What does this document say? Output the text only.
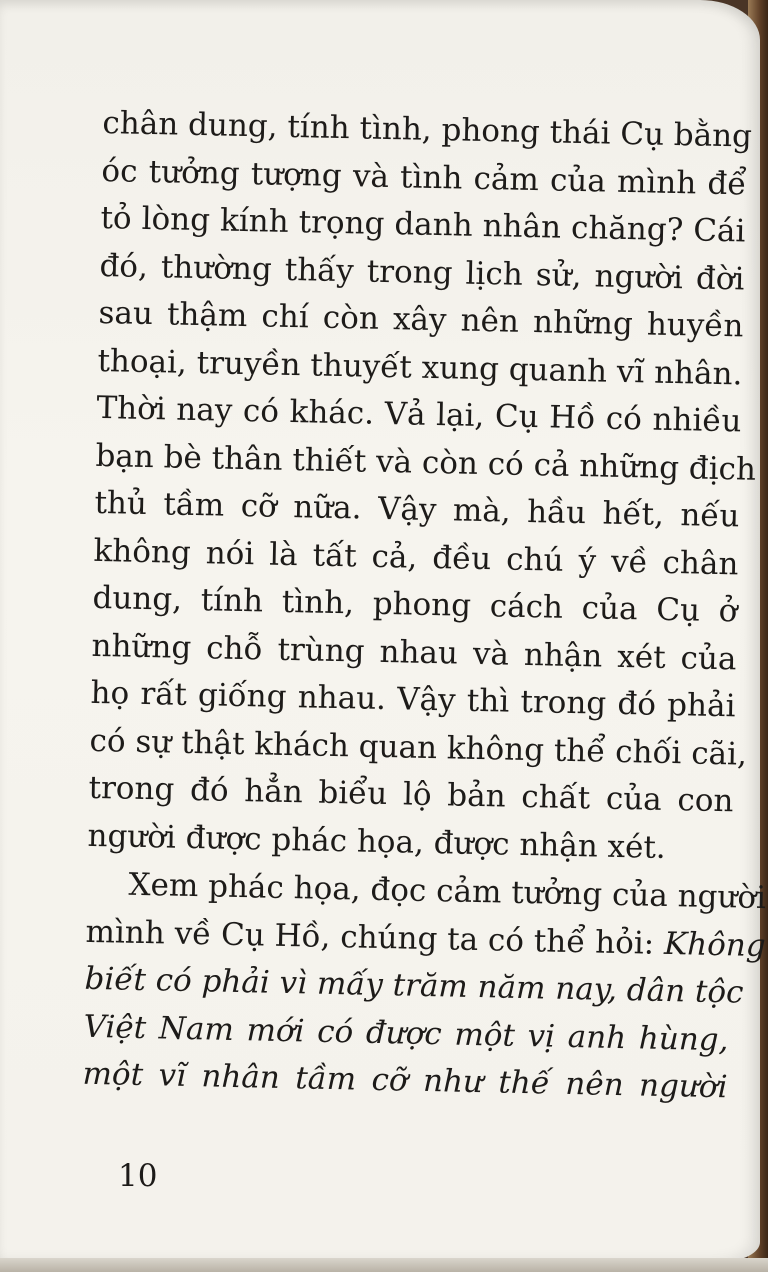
chân dung, tính tình, phong thái Cụ bằng
óc tưởng tượng và tình cảm của mình để
tỏ lòng kính trọng danh nhân chăng? Cái
đó, thường thấy trong lịch sử, người đời
sau thậm chí còn xây nên những huyền
thoại, truyền thuyết xung quanh vĩ nhân.
Thời nay có khác. Vả lại, Cụ Hồ có nhiều
bạn bè thân thiết và còn có cả những địch
thủ tầm cỡ nữa. Vậy mà, hầu hết, nếu
không nói là tất cả, đều chú ý về chân
dung, tính tình, phong cách của Cụ ở
những chỗ trùng nhau và nhận xét của
họ rất giống nhau. Vậy thì trong đó phải
có sự thật khách quan không thể chối cãi,
trong đó hẳn biểu lộ bản chất của con
người được phác họa, được nhận xét.
Xem phác họa, đọc cảm tưởng của người
mình về Cụ Hồ, chúng ta có thể hỏi: Không
biết có phải vì mấy trăm năm nay, dân tộc
Việt Nam mới có được một vị anh hùng,
một vĩ nhân tầm cỡ như thế nên người
10
